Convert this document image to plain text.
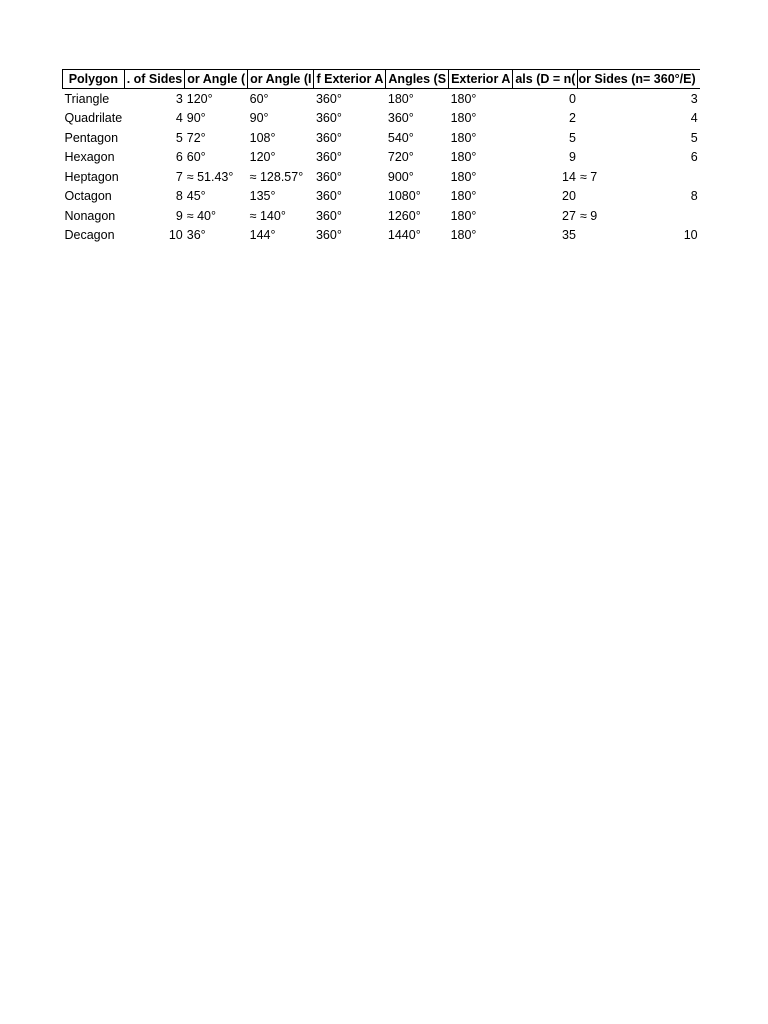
Polygon	. of Sides	or Angle (	or Angle (I	f Exterior A	Angles (S	Exterior A	als (D = n(	or Sides (n= 360°/E)
Triangle	3	120°	60°	360°	180°	180°	0	3
Quadrilate	4	90°	90°	360°	360°	180°	2	4
Pentagon	5	72°	108°	360°	540°	180°	5	5
Hexagon	6	60°	120°	360°	720°	180°	9	6
Heptagon	7	≈ 51.43°	≈ 128.57°	360°	900°	180°	14	≈ 7
Octagon	8	45°	135°	360°	1080°	180°	20	8
Nonagon	9	≈ 40°	≈ 140°	360°	1260°	180°	27	≈ 9
Decagon	10	36°	144°	360°	1440°	180°	35	10
